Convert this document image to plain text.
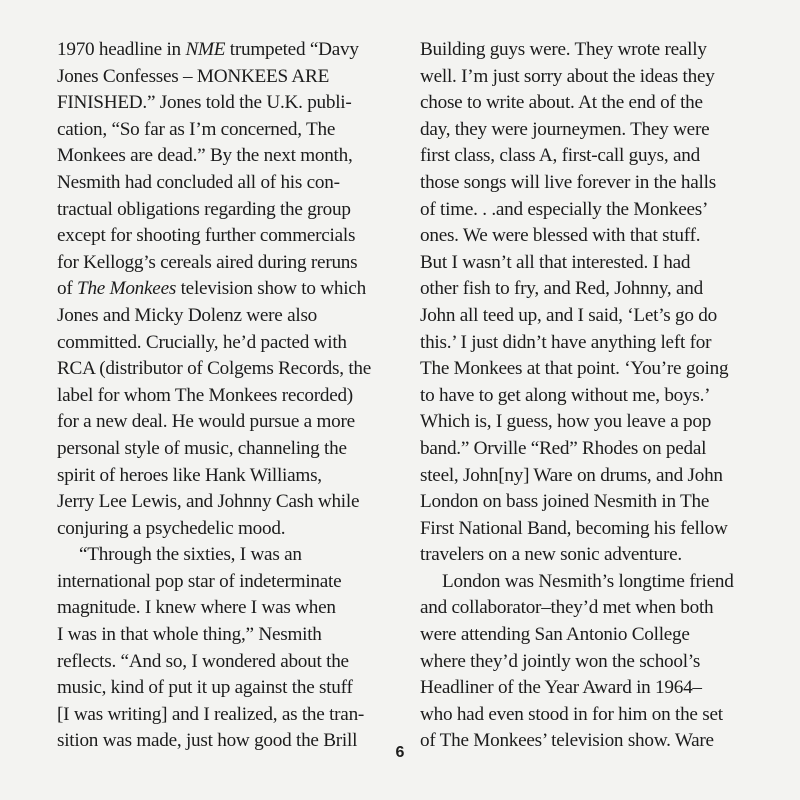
1970 headline in NME trumpeted “Davy
Jones Confesses – MONKEES ARE
FINISHED.” Jones told the U.K. publi-
cation, “So far as I’m concerned, The
Monkees are dead.” By the next month,
Nesmith had concluded all of his con-
tractual obligations regarding the group
except for shooting further commercials
for Kellogg’s cereals aired during reruns
of The Monkees television show to which
Jones and Micky Dolenz were also
committed. Crucially, he’d pacted with
RCA (distributor of Colgems Records, the
label for whom The Monkees recorded)
for a new deal. He would pursue a more
personal style of music, channeling the
spirit of heroes like Hank Williams,
Jerry Lee Lewis, and Johnny Cash while
conjuring a psychedelic mood.
“Through the sixties, I was an
international pop star of indeterminate
magnitude. I knew where I was when
I was in that whole thing,” Nesmith
reflects. “And so, I wondered about the
music, kind of put it up against the stuff
[I was writing] and I realized, as the tran-
sition was made, just how good the Brill
Building guys were. They wrote really
well. I’m just sorry about the ideas they
chose to write about. At the end of the
day, they were journeymen. They were
first class, class A, first-call guys, and
those songs will live forever in the halls
of time. . .and especially the Monkees’
ones. We were blessed with that stuff.
But I wasn’t all that interested. I had
other fish to fry, and Red, Johnny, and
John all teed up, and I said, ‘Let’s go do
this.’ I just didn’t have anything left for
The Monkees at that point. ‘You’re going
to have to get along without me, boys.’
Which is, I guess, how you leave a pop
band.” Orville “Red” Rhodes on pedal
steel, John[ny] Ware on drums, and John
London on bass joined Nesmith in The
First National Band, becoming his fellow
travelers on a new sonic adventure.
London was Nesmith’s longtime friend
and collaborator–they’d met when both
were attending San Antonio College
where they’d jointly won the school’s
Headliner of the Year Award in 1964–
who had even stood in for him on the set
of The Monkees’ television show. Ware
6
